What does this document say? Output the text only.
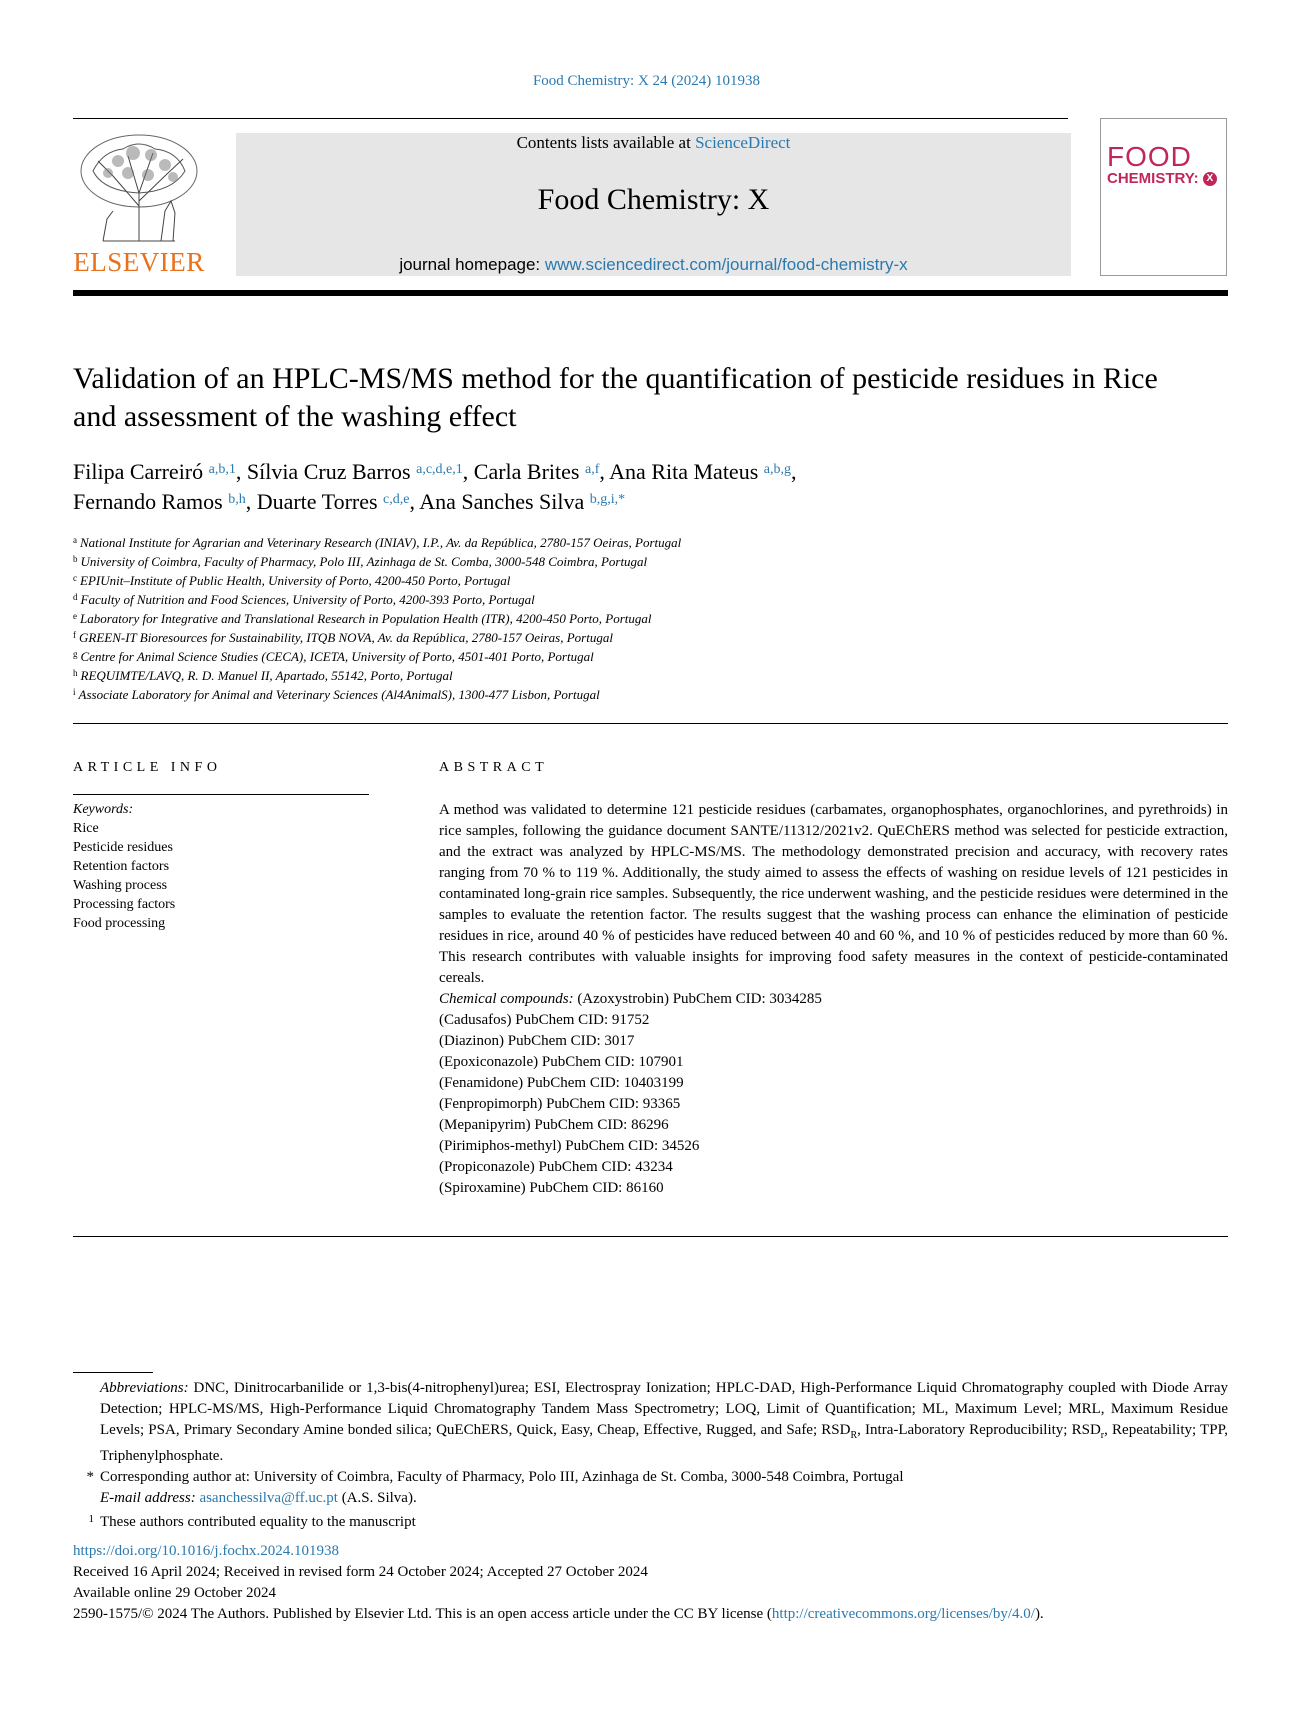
Food Chemistry: X 24 (2024) 101938
ELSEVIER
Contents lists available at ScienceDirect
Food Chemistry: X
journal homepage: www.sciencedirect.com/journal/food-chemistry-x
FOOD
CHEMISTRY: X
Validation of an HPLC-MS/MS method for the quantification of pesticide residues in Rice and assessment of the washing effect
Filipa Carreiró $^{a,b,1}$, Sílvia Cruz Barros $^{a,c,d,e,1}$, Carla Brites $^{a,f}$, Ana Rita Mateus $^{a,b,g}$,
Fernando Ramos $^{b,h}$, Duarte Torres $^{c,d,e}$, Ana Sanches Silva $^{b,g,i,*}$
$^a$ National Institute for Agrarian and Veterinary Research (INIAV), I.P., Av. da República, 2780-157 Oeiras, Portugal
$^b$ University of Coimbra, Faculty of Pharmacy, Polo III, Azinhaga de St. Comba, 3000-548 Coimbra, Portugal
$^c$ EPIUnit–Institute of Public Health, University of Porto, 4200-450 Porto, Portugal
$^d$ Faculty of Nutrition and Food Sciences, University of Porto, 4200-393 Porto, Portugal
$^e$ Laboratory for Integrative and Translational Research in Population Health (ITR), 4200-450 Porto, Portugal
$^f$ GREEN-IT Bioresources for Sustainability, ITQB NOVA, Av. da República, 2780-157 Oeiras, Portugal
$^g$ Centre for Animal Science Studies (CECA), ICETA, University of Porto, 4501-401 Porto, Portugal
$^h$ REQUIMTE/LAVQ, R. D. Manuel II, Apartado, 55142, Porto, Portugal
$^i$ Associate Laboratory for Animal and Veterinary Sciences (Al4AnimalS), 1300-477 Lisbon, Portugal
ARTICLE INFO
Keywords:
Rice
Pesticide residues
Retention factors
Washing process
Processing factors
Food processing
ABSTRACT

A method was validated to determine 121 pesticide residues (carbamates, organophosphates, organochlorines, and pyrethroids) in rice samples, following the guidance document SANTE/11312/2021v2. QuEChERS method was selected for pesticide extraction, and the extract was analyzed by HPLC-MS/MS. The methodology demonstrated precision and accuracy, with recovery rates ranging from 70 % to 119 %. Additionally, the study aimed to assess the effects of washing on residue levels of 121 pesticides in contaminated long-grain rice samples. Subsequently, the rice underwent washing, and the pesticide residues were determined in the samples to evaluate the retention factor. The results suggest that the washing process can enhance the elimination of pesticide residues in rice, around 40 % of pesticides have reduced between 40 and 60 %, and 10 % of pesticides reduced by more than 60 %. This research contributes with valuable insights for improving food safety measures in the context of pesticide-contaminated cereals.

Chemical compounds: (Azoxystrobin) PubChem CID: 3034285
(Cadusafos) PubChem CID: 91752
(Diazinon) PubChem CID: 3017
(Epoxiconazole) PubChem CID: 107901
(Fenamidone) PubChem CID: 10403199
(Fenpropimorph) PubChem CID: 93365
(Mepanipyrim) PubChem CID: 86296
(Pirimiphos-methyl) PubChem CID: 34526
(Propiconazole) PubChem CID: 43234
(Spiroxamine) PubChem CID: 86160

Abbreviations: DNC, Dinitrocarbanilide or 1,3-bis(4-nitrophenyl)urea; ESI, Electrospray Ionization; HPLC-DAD, High-Performance Liquid Chromatography coupled with Diode Array Detection; HPLC-MS/MS, High-Performance Liquid Chromatography Tandem Mass Spectrometry; LOQ, Limit of Quantification; ML, Maximum Level; MRL, Maximum Residue Levels; PSA, Primary Secondary Amine bonded silica; QuEChERS, Quick, Easy, Cheap, Effective, Rugged, and Safe; $RSD_R$, Intra-Laboratory Reproducibility; $RSD_r$, Repeatability; TPP, Triphenylphosphate.

* Corresponding author at: University of Coimbra, Faculty of Pharmacy, Polo III, Azinhaga de St. Comba, 3000-548 Coimbra, Portugal

E-mail address: asanchessilva@ff.uc.pt (A.S. Silva).

1 These authors contributed equality to the manuscript

https://doi.org/10.1016/j.fochx.2024.101938
Received 16 April 2024; Received in revised form 24 October 2024; Accepted 27 October 2024
Available online 29 October 2024
2590-1575/© 2024 The Authors. Published by Elsevier Ltd. This is an open access article under the CC BY license (http://creativecommons.org/licenses/by/4.0/).
